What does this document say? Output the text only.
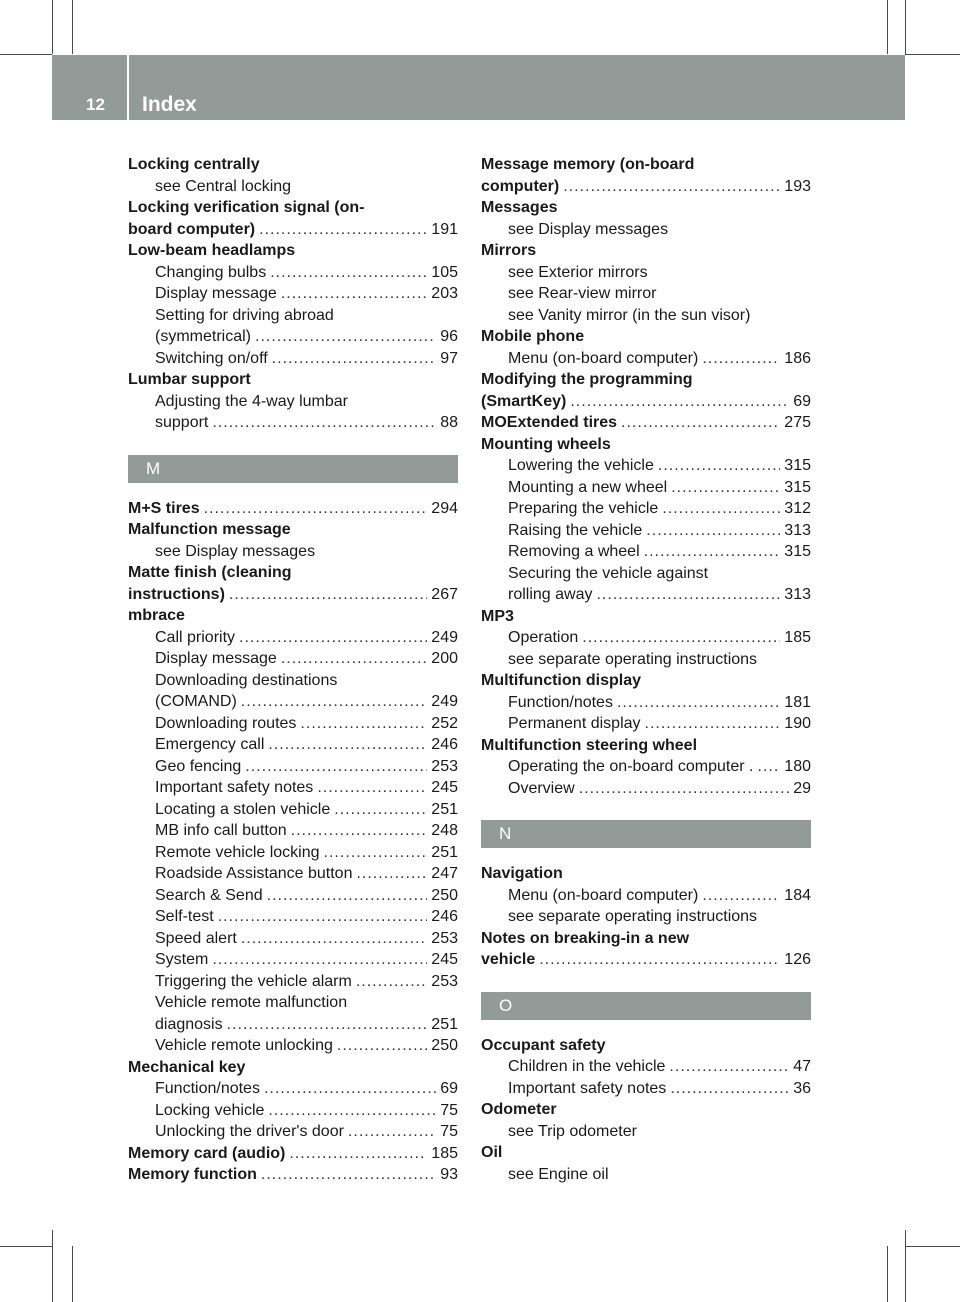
12 Index
Locking centrally
see Central locking
Locking verification signal (on-
board computer) .....	191
Low-beam headlamps
Changing bulbs .....	105
Display message .....	203
Setting for driving abroad
(symmetrical) .....	96
Switching on/off .....	97
Lumbar support
Adjusting the 4-way lumbar
support .....	88
M
M+S tires .....	294
Malfunction message
see Display messages
Matte finish (cleaning
instructions) .....	267
mbrace
Call priority .....	249
Display message .....	200
Downloading destinations
(COMAND) .....	249
Downloading routes .....	252
Emergency call .....	246
Geo fencing .....	253
Important safety notes .....	245
Locating a stolen vehicle .....	251
MB info call button .....	248
Remote vehicle locking .....	251
Roadside Assistance button .....	247
Search & Send .....	250
Self-test .....	246
Speed alert .....	253
System .....	245
Triggering the vehicle alarm .....	253
Vehicle remote malfunction
diagnosis .....	251
Vehicle remote unlocking .....	250
Mechanical key
Function/notes .....	69
Locking vehicle .....	75
Unlocking the driver's door .....	75
Memory card (audio) .....	185
Memory function .....	93
Message memory (on-board
computer) .....	193
Messages
see Display messages
Mirrors
see Exterior mirrors
see Rear-view mirror
see Vanity mirror (in the sun visor)
Mobile phone
Menu (on-board computer) .....	186
Modifying the programming
(SmartKey) .....	69
MOExtended tires .....	275
Mounting wheels
Lowering the vehicle .....	315
Mounting a new wheel .....	315
Preparing the vehicle .....	312
Raising the vehicle .....	313
Removing a wheel .....	315
Securing the vehicle against
rolling away .....	313
MP3
Operation .....	185
see separate operating instructions
Multifunction display
Function/notes .....	181
Permanent display .....	190
Multifunction steering wheel
Operating the on-board computer . ..... 180
Overview .....	29
N
Navigation
Menu (on-board computer) .....	184
see separate operating instructions
Notes on breaking-in a new
vehicle .....	126
O
Occupant safety
Children in the vehicle .....	47
Important safety notes .....	36
Odometer
see Trip odometer
Oil
see Engine oil
